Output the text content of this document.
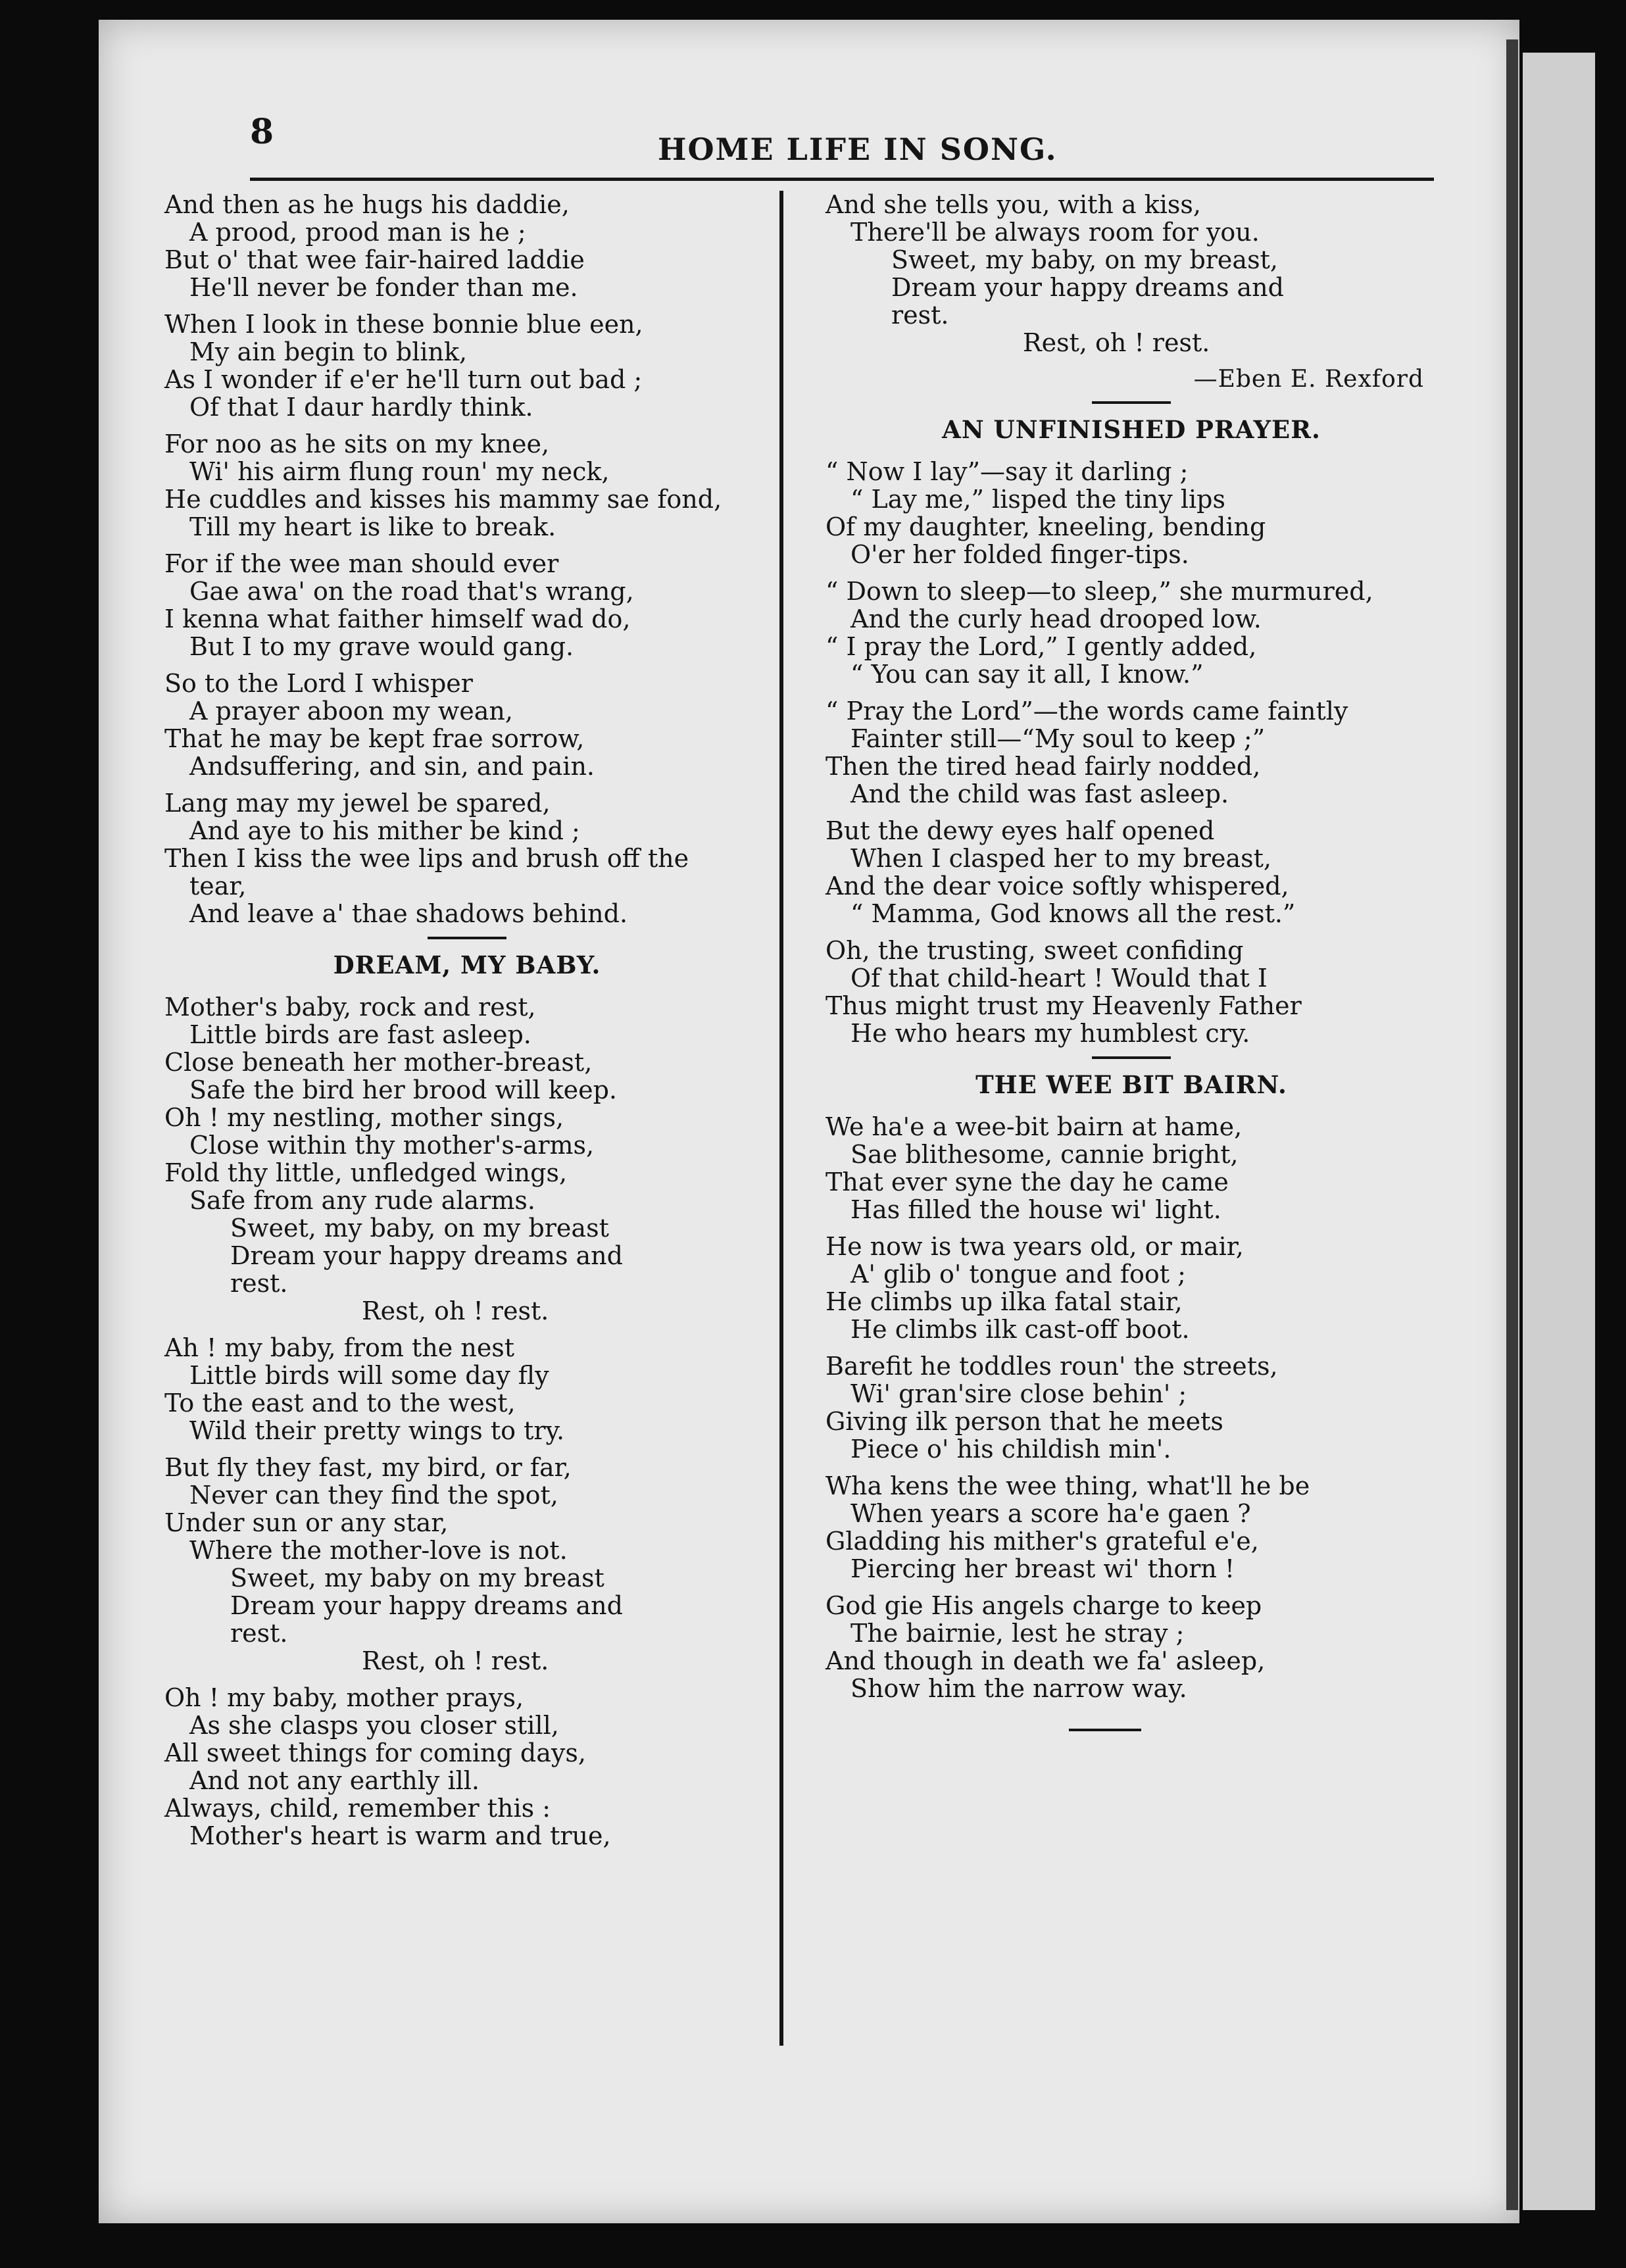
8	HOME LIFE IN SONG.
And then as he hugs his daddie,
A prood, prood man is he ;
But o' that wee fair-haired laddie
He'll never be fonder than me.
When I look in these bonnie blue een,
My ain begin to blink,
As I wonder if e'er he'll turn out bad ;
Of that I daur hardly think.
For noo as he sits on my knee,
Wi' his airm flung roun' my neck,
He cuddles and kisses his mammy sae fond,
Till my heart is like to break.
For if the wee man should ever
Gae awa' on the road that's wrang,
I kenna what faither himself wad do,
But I to my grave would gang.
So to the Lord I whisper
A prayer aboon my wean,
That he may be kept frae sorrow,
Andsuffering, and sin, and pain.
Lang may my jewel be spared,
And aye to his mither be kind ;
Then I kiss the wee lips and brush off the
tear,
And leave a' thae shadows behind.
DREAM, MY BABY.
Mother's baby, rock and rest,
Little birds are fast asleep.
Close beneath her mother-breast,
Safe the bird her brood will keep.
Oh ! my nestling, mother sings,
Close within thy mother's-arms,
Fold thy little, unfledged wings,
Safe from any rude alarms.
Sweet, my baby, on my breast
Dream your happy dreams and
rest.
Rest, oh ! rest.
Ah ! my baby, from the nest
Little birds will some day fly
To the east and to the west,
Wild their pretty wings to try.
But fly they fast, my bird, or far,
Never can they find the spot,
Under sun or any star,
Where the mother-love is not.
Sweet, my baby on my breast
Dream your happy dreams and
rest.
Rest, oh ! rest.
Oh ! my baby, mother prays,
As she clasps you closer still,
All sweet things for coming days,
And not any earthly ill.
Always, child, remember this :
Mother's heart is warm and true,
And she tells you, with a kiss,
There'll be always room for you.
Sweet, my baby, on my breast,
Dream your happy dreams and
rest.
Rest, oh ! rest.
—Eben E. Rexford
AN UNFINISHED PRAYER.
“ Now I lay”—say it darling ;
“ Lay me,” lisped the tiny lips
Of my daughter, kneeling, bending
O'er her folded finger-tips.
“ Down to sleep—to sleep,” she murmured,
And the curly head drooped low.
“ I pray the Lord,” I gently added,
“ You can say it all, I know.”
“ Pray the Lord”—the words came faintly
Fainter still—“My soul to keep ;”
Then the tired head fairly nodded,
And the child was fast asleep.
But the dewy eyes half opened
When I clasped her to my breast,
And the dear voice softly whispered,
“ Mamma, God knows all the rest.”
Oh, the trusting, sweet confiding
Of that child-heart ! Would that I
Thus might trust my Heavenly Father
He who hears my humblest cry.
THE WEE BIT BAIRN.
We ha'e a wee-bit bairn at hame,
Sae blithesome, cannie bright,
That ever syne the day he came
Has filled the house wi' light.
He now is twa years old, or mair,
A' glib o' tongue and foot ;
He climbs up ilka fatal stair,
He climbs ilk cast-off boot.
Barefit he toddles roun' the streets,
Wi' gran'sire close behin' ;
Giving ilk person that he meets
Piece o' his childish min'.
Wha kens the wee thing, what'll he be
When years a score ha'e gaen ?
Gladding his mither's grateful e'e,
Piercing her breast wi' thorn !
God gie His angels charge to keep
The bairnie, lest he stray ;
And though in death we fa' asleep,
Show him the narrow way.
